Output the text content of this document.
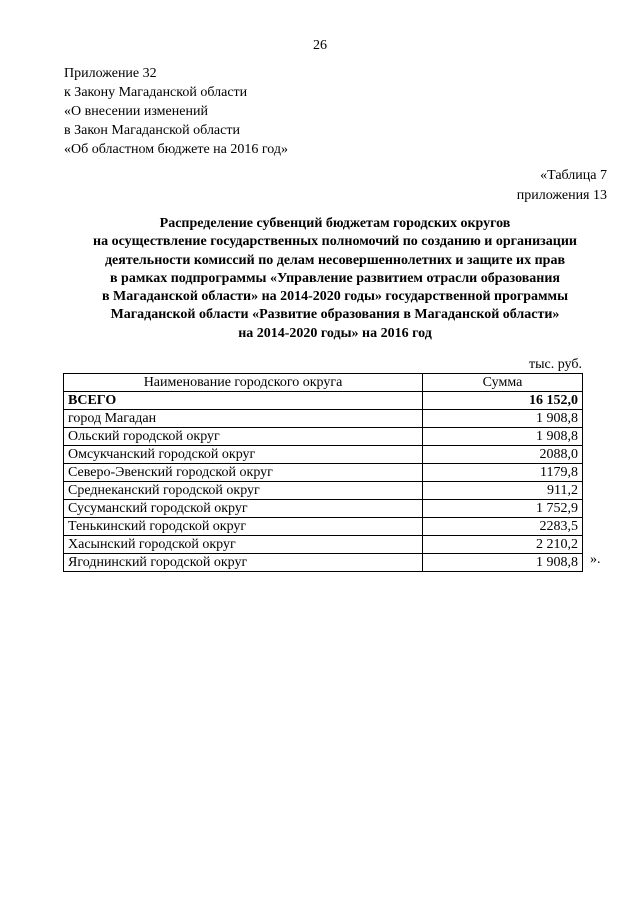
26
Приложение 32
к Закону Магаданской области
«О внесении изменений
в Закон Магаданской области
«Об областном бюджете на 2016 год»
«Таблица 7
приложения 13
Распределение субвенций бюджетам городских округов
на осуществление государственных полномочий по созданию и организации
деятельности комиссий по делам несовершеннолетних и защите их прав
в рамках подпрограммы «Управление развитием отрасли образования
в Магаданской области» на 2014-2020 годы» государственной программы
Магаданской области «Развитие образования в Магаданской области»
на 2014-2020 годы» на 2016 год
тыс. руб.
Наименование городского округа	Сумма
ВСЕГО	16 152,0
город Магадан	1 908,8
Ольский городской округ	1 908,8
Омсукчанский городской округ	2088,0
Северо-Эвенский городской округ	1179,8
Среднеканский городской округ	911,2
Сусуманский городской округ	1 752,9
Тенькинский городской округ	2283,5
Хасынский городской округ	2 210,2
Ягоднинский городской округ	1 908,8 ».
